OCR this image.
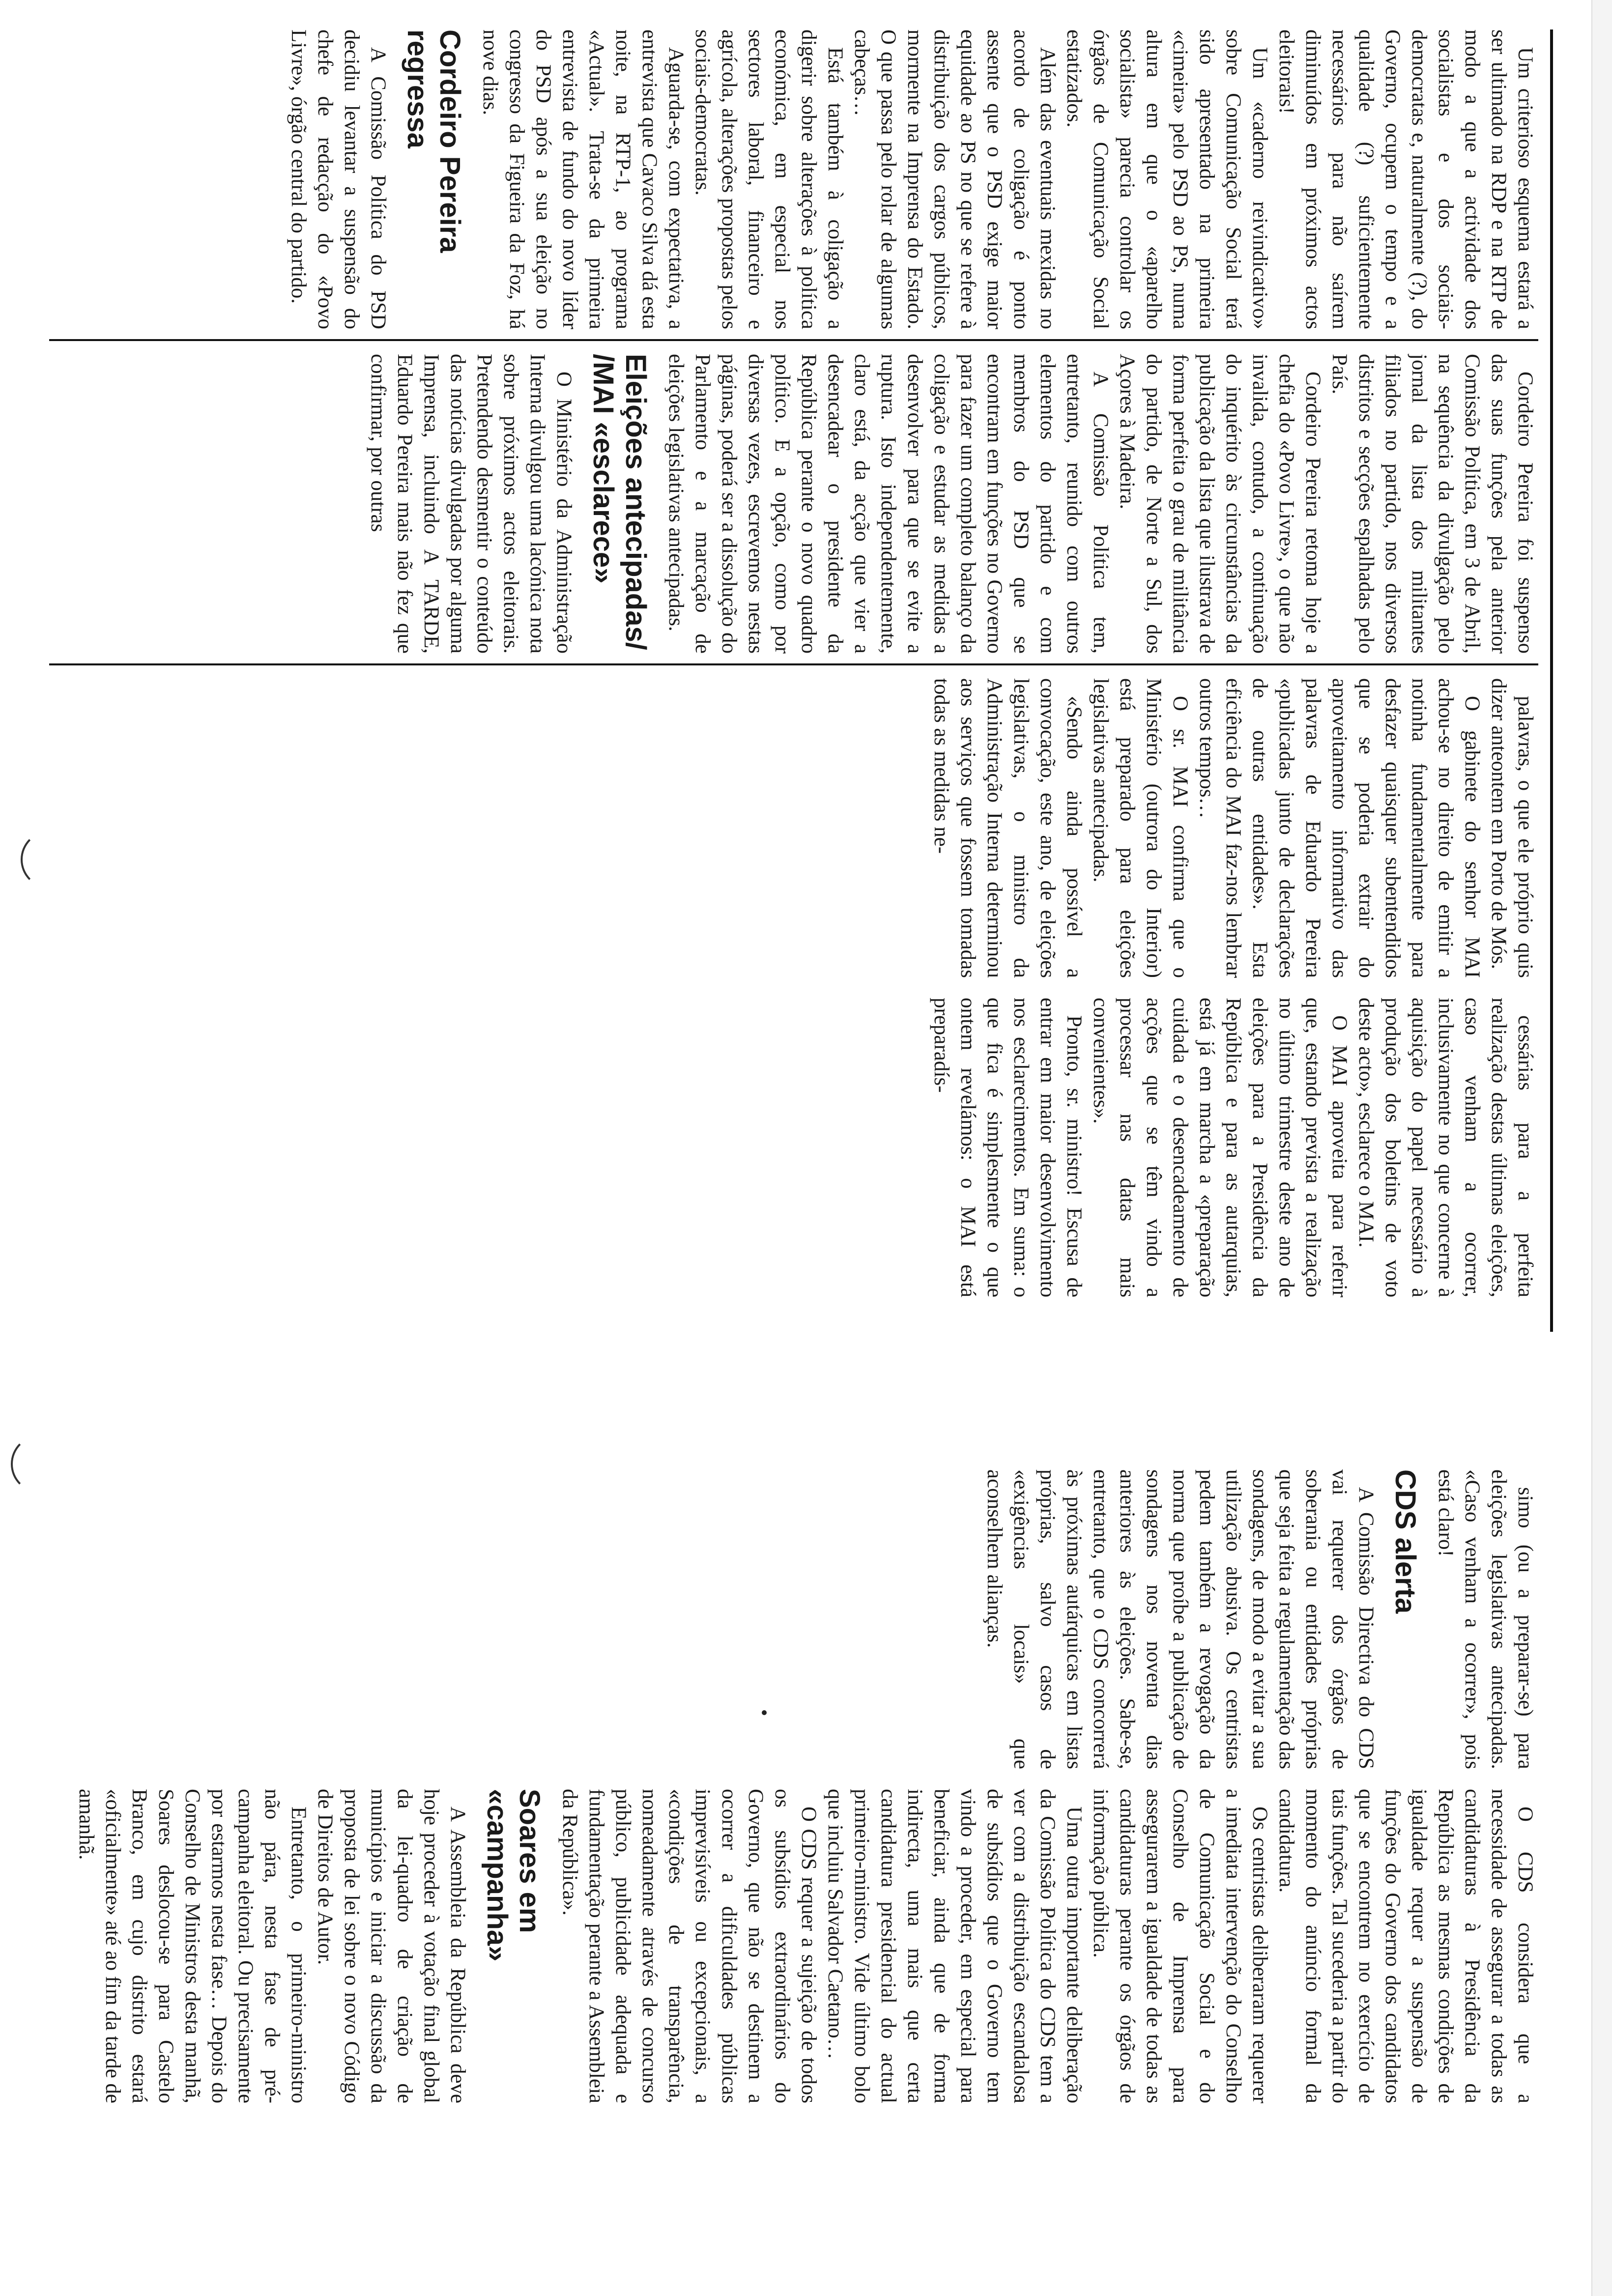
Um criterioso esquema estará a ser ultimado na RDP e na RTP de modo a que a actividade dos socialistas e dos sociais-democratas e, naturalmente (?), do Governo, ocupem o tempo e a qualidade (?) suficientemente necessários para não saírem diminuídos em próximos actos eleitorais!

Um «caderno reivindicativo» sobre Comunicação Social terá sido apresentado na primeira «cimeira» pelo PSD ao PS, numa altura em que o «aparelho socialista» parecia controlar os órgãos de Comunicação Social estatizados.

Além das eventuais mexidas no acordo de coligação é ponto assente que o PSD exige maior equidade ao PS no que se refere à distribuição dos cargos públicos, mormente na Imprensa do Estado. O que passa pelo rolar de algumas cabeças…

Está também à coligação a digerir sobre alterações à política económica, em especial nos sectores laboral, financeiro e agrícola, alterações propostas pelos sociais-democratas.

Aguarda-se, com expectativa, a entrevista que Cavaco Silva dá esta noite, na RTP-1, ao programa «Actual». Trata-se da primeira entrevista de fundo do novo líder do PSD após a sua eleição no congresso da Figueira da Foz, há nove dias.

Cordeiro Pereira regressa

A Comissão Política do PSD decidiu levantar a suspensão do chefe de redacção do «Povo Livre», órgão central do partido.

Cordeiro Pereira foi suspenso das suas funções pela anterior Comissão Política, em 3 de Abril, na sequência da divulgação pelo jornal da lista dos militantes filiados no partido, nos diversos distritos e secções espalhadas pelo País.

Cordeiro Pereira retoma hoje a chefia do «Povo Livre», o que não invalida, contudo, a continuação do inquérito às circunstâncias da publicação da lista que ilustrava de forma perfeita o grau de militância do partido, de Norte a Sul, dos Açores à Madeira.

A Comissão Política tem, entretanto, reunido com outros elementos do partido e com membros do PSD que se encontram em funções no Governo para fazer um completo balanço da coligação e estudar as medidas a desenvolver para que se evite a ruptura. Isto independentemente, claro está, da acção que vier a desencadear o presidente da República perante o novo quadro político. E a opção, como por diversas vezes, escrevemos nestas páginas, poderá ser a dissolução do Parlamento e a marcação de eleições legislativas antecipadas.

Eleições antecipadas/ /MAI «esclarece»

O Ministério da Administração Interna divulgou uma lacónica nota sobre próximos actos eleitorais. Pretendendo desmentir o conteúdo das notícias divulgadas por alguma Imprensa, incluindo A TARDE, Eduardo Pereira mais não fez que confirmar, por outras

palavras, o que ele próprio quis dizer anteontem em Porto de Mós.

O gabinete do senhor MAI achou-se no direito de emitir a notinha fundamentalmente para desfazer quaisquer subentendidos que se poderia extrair do aproveitamento informativo das palavras de Eduardo Pereira «publicadas junto de declarações de outras entidades». Esta eficiência do MAI faz-nos lembrar outros tempos…

O sr. MAI confirma que o Ministério (outrora do Interior) está preparado para eleições legislativas antecipadas.

«Sendo ainda possível a convocação, este ano, de eleições legislativas, o ministro da Administração Interna determinou aos serviços que fossem tomadas todas as medidas ne-

cessárias para a perfeita realização destas últimas eleições, caso venham a ocorrer, inclusivamente no que concerne à aquisição do papel necessário à produção dos boletins de voto deste acto», esclarece o MAI.

O MAI aproveita para referir que, estando prevista a realização no último trimestre deste ano de eleições para a Presidência da República e para as autarquias, está já em marcha a «preparação cuidada e o desencadeamento de acções que se têm vindo a processar nas datas mais convenientes».

Pronto, sr. ministro! Escusa de entrar em maior desenvolvimento nos esclarecimentos. Em suma: o que fica é simplesmente o que ontem revelámos: o MAI está preparadís-

simo (ou a preparar-se) para eleições legislativas antecipadas. «Caso venham a ocorrer», pois está claro!

CDS alerta

A Comissão Directiva do CDS vai requerer dos órgãos de soberania ou entidades próprias que seja feita a regulamentação das sondagens, de modo a evitar a sua utilização abusiva. Os centristas pedem também a revogação da norma que proíbe a publicação de sondagens nos noventa dias anteriores às eleições. Sabe-se, entretanto, que o CDS concorrerá às próximas autárquicas em listas próprias, salvo casos de «exigências locais» que aconselhem alianças.

O CDS considera que a necessidade de assegurar a todas as candidaturas à Presidência da República as mesmas condições de igualdade requer a suspensão de funções do Governo dos candidatos que se encontrem no exercício de tais funções. Tal sucederia a partir do momento do anúncio formal da candidatura.

Os centristas deliberaram requerer a imediata intervenção do Conselho de Comunicação Social e do Conselho de Imprensa para assegurarem a igualdade de todas as candidaturas perante os órgãos de informação pública.

Uma outra importante deliberação da Comissão Política do CDS tem a ver com a distribuição escandalosa de subsídios que o Governo tem vindo a proceder, em especial para beneficiar, ainda que de forma indirecta, uma mais que certa candidatura presidencial do actual primeiro-ministro. Vide último bolo que incluiu Salvador Caetano…

O CDS requer a sujeição de todos os subsídios extraordinários do Governo, que não se destinem a ocorrer a dificuldades públicas imprevisíveis ou excepcionais, a «condições de transparência, nomeadamente através de concurso público, publicidade adequada e fundamentação perante a Assembleia da República».

Soares em «campanha»

A Assembleia da República deve hoje proceder à votação final global da lei-quadro de criação de municípios e iniciar a discussão da proposta de lei sobre o novo Código de Direitos de Autor.

Entretanto, o primeiro-ministro não pára, nesta fase de pré-campanha eleitoral. Ou precisamente por estarmos nesta fase… Depois do Conselho de Ministros desta manhã, Soares deslocou-se para Castelo Branco, em cujo distrito estará «oficialmente» até ao fim da tarde de amanhã.
